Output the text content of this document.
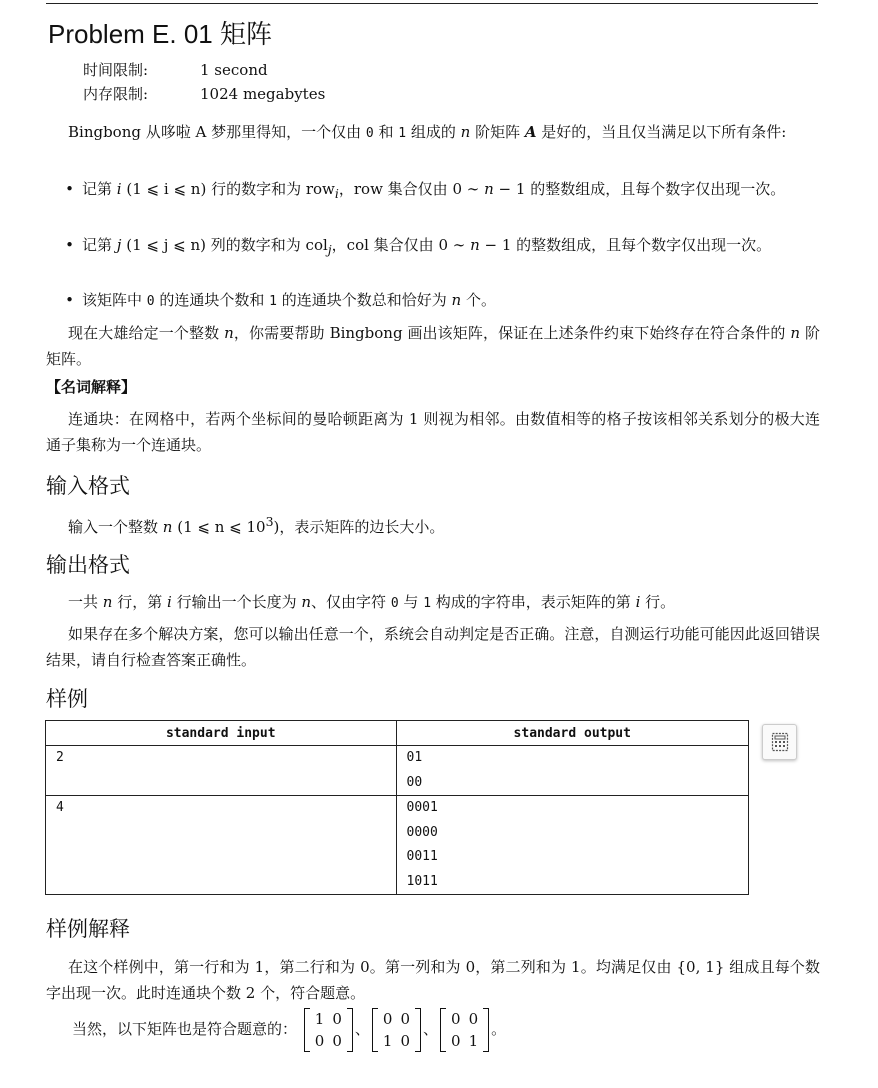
Problem E. 01 矩阵
时间限制:	1 second
内存限制:	1024 megabytes
Bingbong 从哆啦 A 梦那里得知，一个仅由 0 和 1 组成的 n 阶矩阵 A 是好的，当且仅当满足以下所有条件:
• 记第 i (1 ⩽ i ⩽ n) 行的数字和为 row$_i$，row 集合仅由 0 ∼ n − 1 的整数组成，且每个数字仅出现一次。
• 记第 j (1 ⩽ j ⩽ n) 列的数字和为 col$_j$，col 集合仅由 0 ∼ n − 1 的整数组成，且每个数字仅出现一次。
• 该矩阵中 0 的连通块个数和 1 的连通块个数总和恰好为 n 个。
现在大雄给定一个整数 n，你需要帮助 Bingbong 画出该矩阵，保证在上述条件约束下始终存在符合条件的 n 阶矩阵。
【名词解释】
连通块：在网格中，若两个坐标间的曼哈顿距离为 1 则视为相邻。由数值相等的格子按该相邻关系划分的极大连通子集称为一个连通块。
输入格式
输入一个整数 n (1 ⩽ n ⩽ $10^3$)，表示矩阵的边长大小。
输出格式
一共 n 行，第 i 行输出一个长度为 n、仅由字符 0 与 1 构成的字符串，表示矩阵的第 i 行。
如果存在多个解决方案，您可以输出任意一个，系统会自动判定是否正确。注意，自测运行功能可能因此返回错误结果，请自行检查答案正确性。
样例
standard input	standard output

2	01
00

4	0001
0000
0011
1011
样例解释
在这个样例中，第一行和为 1，第二行和为 0。第一列和为 0，第二列和为 1。均满足仅由 {0, 1} 组成且每个数字出现一次。此时连通块个数 2 个，符合题意。
当然，以下矩阵也是符合题意的：
1	0
0	0
、
0	0
1	0
、
0	0
0	1
。
